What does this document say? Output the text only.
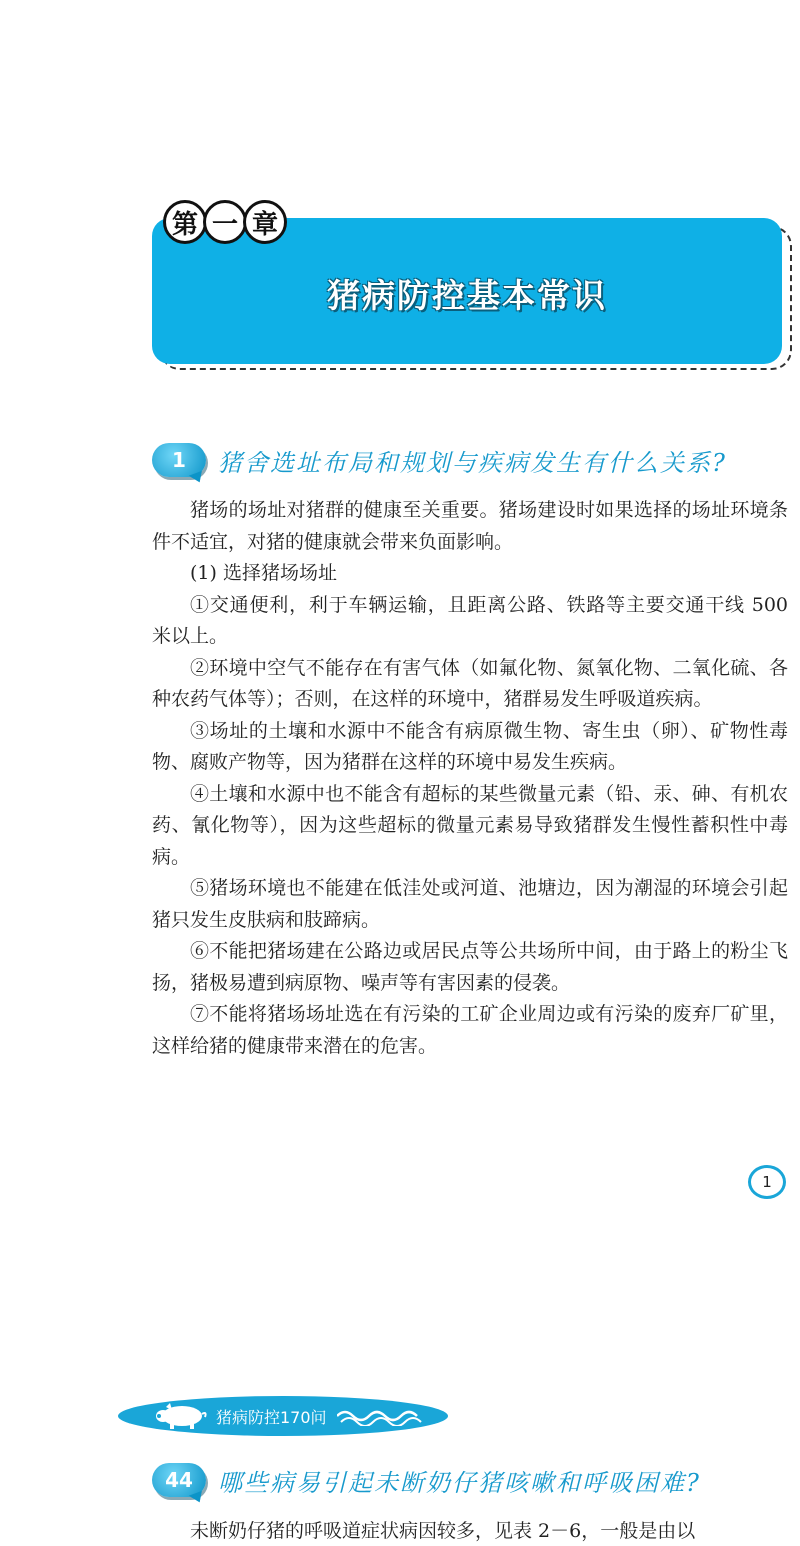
第 一 章
猪病防控基本常识
1	猪舍选址布局和规划与疾病发生有什么关系?

猪场的场址对猪群的健康至关重要。猪场建设时如果选择的场址环境条件不适宜，对猪的健康就会带来负面影响。

(1) 选择猪场场址

①交通便利，利于车辆运输，且距离公路、铁路等主要交通干线 500 米以上。

②环境中空气不能存在有害气体（如氟化物、氮氧化物、二氧化硫、各种农药气体等）；否则，在这样的环境中，猪群易发生呼吸道疾病。

③场址的土壤和水源中不能含有病原微生物、寄生虫（卵）、矿物性毒物、腐败产物等，因为猪群在这样的环境中易发生疾病。

④土壤和水源中也不能含有超标的某些微量元素（铅、汞、砷、有机农药、氰化物等），因为这些超标的微量元素易导致猪群发生慢性蓄积性中毒病。

⑤猪场环境也不能建在低洼处或河道、池塘边，因为潮湿的环境会引起猪只发生皮肤病和肢蹄病。

⑥不能把猪场建在公路边或居民点等公共场所中间，由于路上的粉尘飞扬，猪极易遭到病原物、噪声等有害因素的侵袭。

⑦不能将猪场场址选在有污染的工矿企业周边或有污染的废弃厂矿里，这样给猪的健康带来潜在的危害。

1
猪病防控170问
44	哪些病易引起未断奶仔猪咳嗽和呼吸困难?

未断奶仔猪的呼吸道症状病因较多，见表 2－6，一般是由以
